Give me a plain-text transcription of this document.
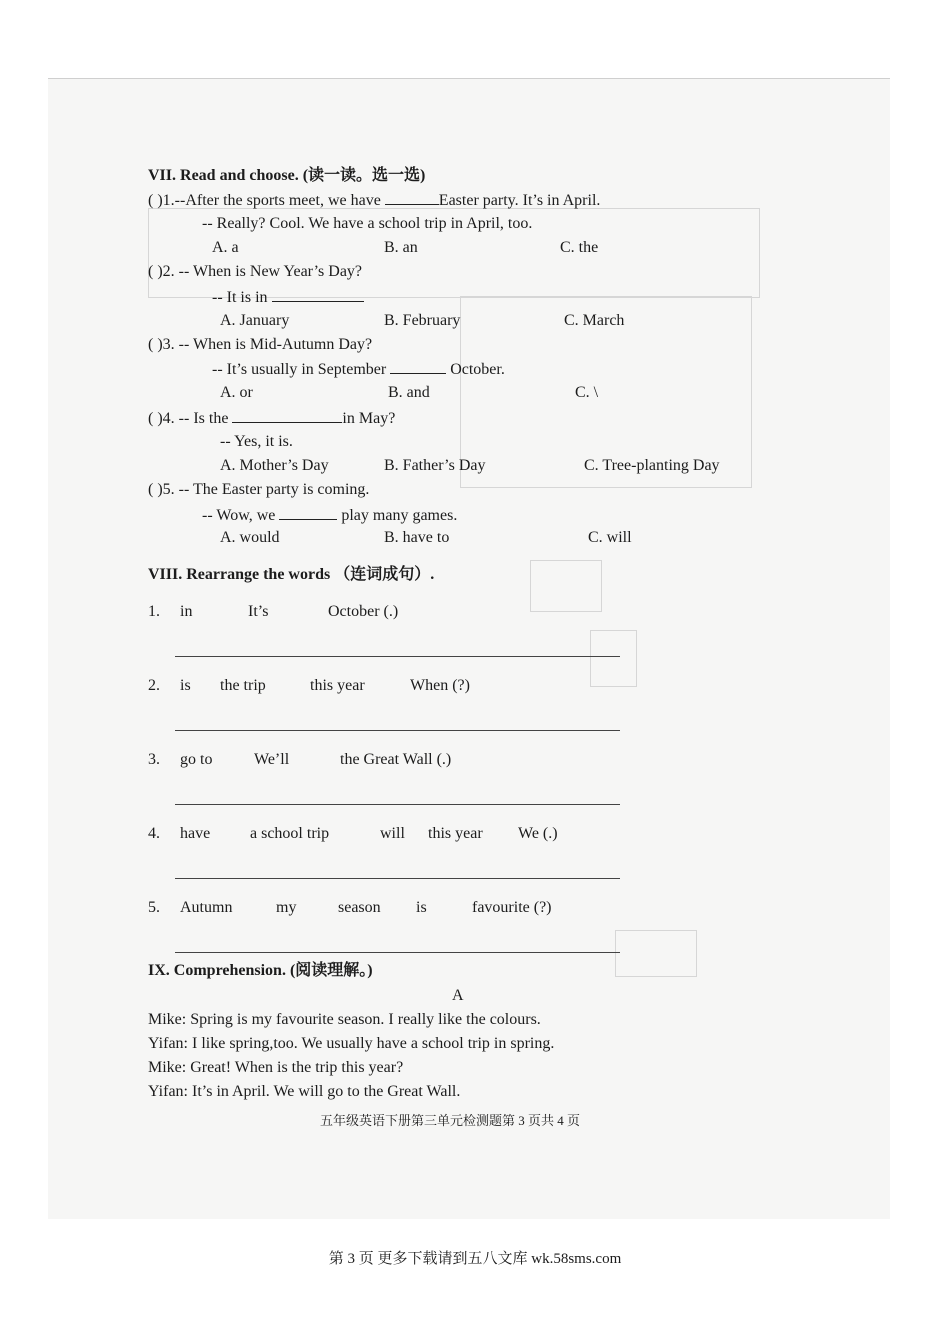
VII. Read and choose. (读一读。选一选)
( )1.--After the sports meet, we have	Easter party. It’s in April.
-- Really? Cool. We have a school trip in April, too.
A. a	B. an	C. the
( )2. -- When is New Year’s Day?
-- It is in
A. January	B. February	C. March
( )3. -- When is Mid-Autumn Day?
-- It’s usually in September	October.
A. or	B. and	C. \
( )4. -- Is the	in May?
-- Yes, it is.
A. Mother’s Day	B. Father’s Day	C. Tree-planting Day
( )5. -- The Easter party is coming.
-- Wow, we	play many games.
A. would	B. have to	C. will
VIII. Rearrange the words （连词成句）.
1. in	It’s	October (.)
2. is the trip	this year	When (?)
3. go to	We’ll	the Great Wall (.)
4. have a school trip	will this year We (.)
5. Autumn	my	season is	favourite (?)
IX. Comprehension. (阅读理解。)
A
Mike: Spring is my favourite season. I really like the colours.
Yifan: I like spring,too. We usually have a school trip in spring.
Mike: Great! When is the trip this year?
Yifan: It’s in April. We will go to the Great Wall.
五年级英语下册第三单元检测题第 3 页共 4 页
第 3 页 更多下载请到五八文库 wk.58sms.com
